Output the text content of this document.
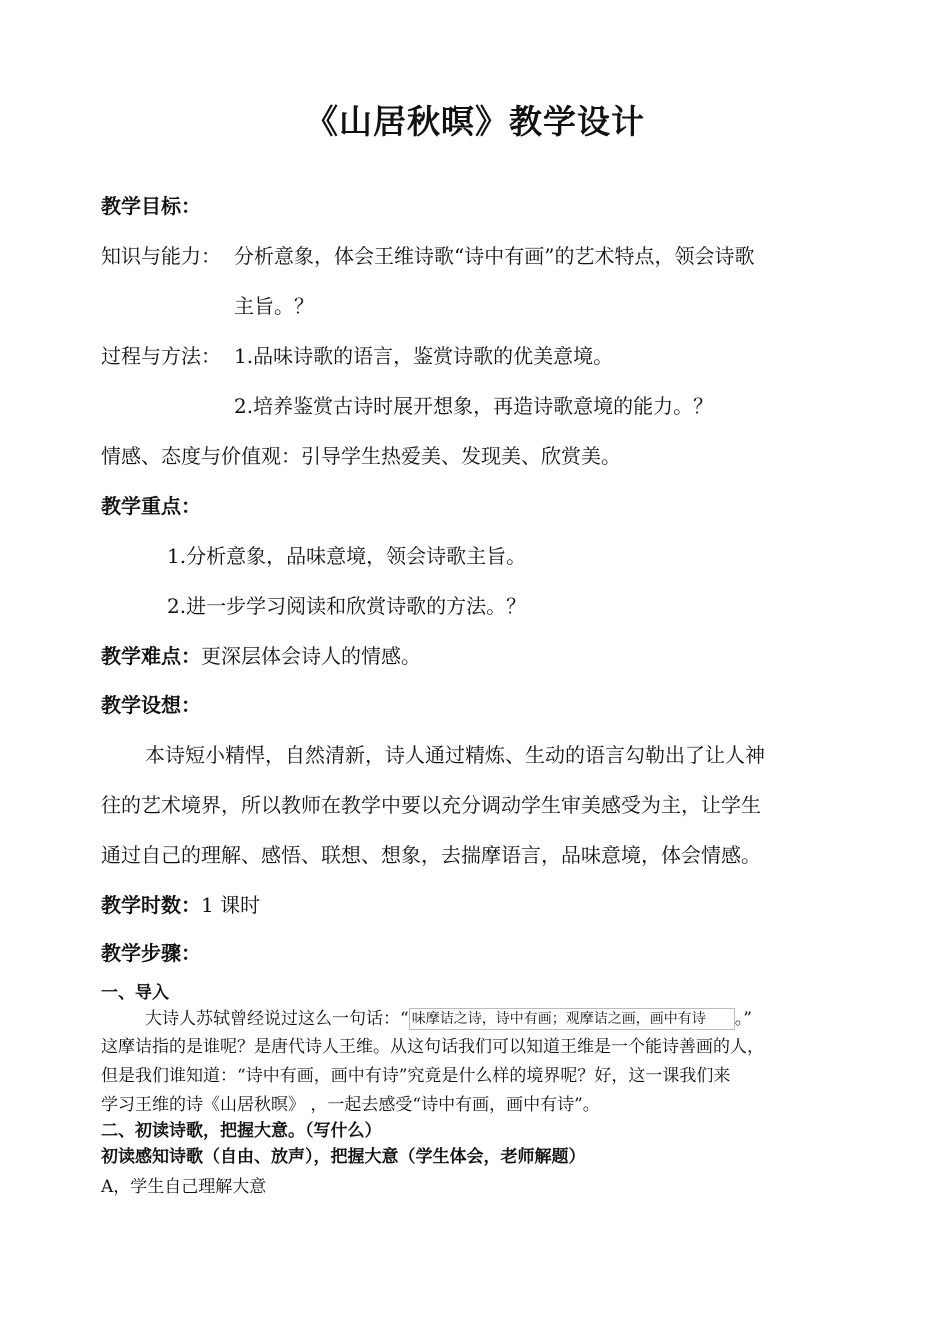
《山居秋暝》教学设计
教学目标：
知识与能力： 分析意象，体会王维诗歌“诗中有画”的艺术特点，领会诗歌
主旨。？
过程与方法： 1.品味诗歌的语言，鉴赏诗歌的优美意境。
2.培养鉴赏古诗时展开想象，再造诗歌意境的能力。？
情感、态度与价值观：引导学生热爱美、发现美、欣赏美。
教学重点：
1.分析意象，品味意境，领会诗歌主旨。
2.进一步学习阅读和欣赏诗歌的方法。？
教学难点：更深层体会诗人的情感。
教学设想：
本诗短小精悍，自然清新，诗人通过精炼、生动的语言勾勒出了让人神
往的艺术境界，所以教师在教学中要以充分调动学生审美感受为主，让学生
通过自己的理解、感悟、联想、想象，去揣摩语言，品味意境，体会情感。
教学时数：1 课时
教学步骤：
一、导入
大诗人苏轼曾经说过这么一句话：“ 味摩诘之诗，诗中有画；观摩诘之画，画中有诗 。”
这摩诘指的是谁呢？是唐代诗人王维。从这句话我们可以知道王维是一个能诗善画的人，
但是我们谁知道：“诗中有画，画中有诗”究竟是什么样的境界呢？好，这一课我们来
学习王维的诗《山居秋暝》 ，一起去感受“诗中有画，画中有诗”。
二、初读诗歌，把握大意。（写什么）
初读感知诗歌（自由、放声），把握大意（学生体会，老师解题）
A，学生自己理解大意
